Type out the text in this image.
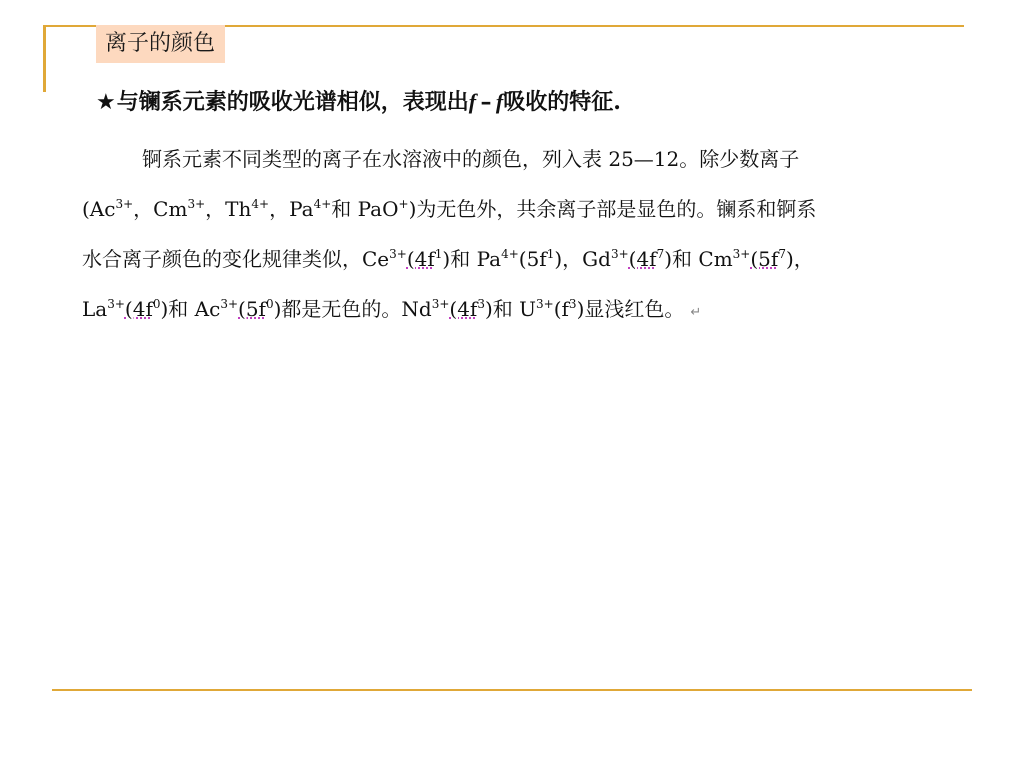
离子的颜色
★与镧系元素的吸收光谱相似，表现出f – f吸收的特征.
锕系元素不同类型的离子在水溶液中的颜色，列入表 25—12。除少数离子
($Ac^{3+}$，$Cm^{3+}$，$Th^{4+}$，$Pa^{4+}$和 PaO+)为无色外，共余离子部是显色的。镧系和锕系
水合离子颜色的变化规律类似，$Ce^{3+}(4f^1)$和 $Pa^{4+}(5f^1)$，$Gd^{3+}(4f^7)$和 $Cm^{3+}(5f^7)$，
$La^{3+}(4f^0)$和 $Ac^{3+}(5f^0)$都是无色的。$Nd^{3+}(4f^3)$和 $U^{3+}(f^3)$显浅红色。 ↵
